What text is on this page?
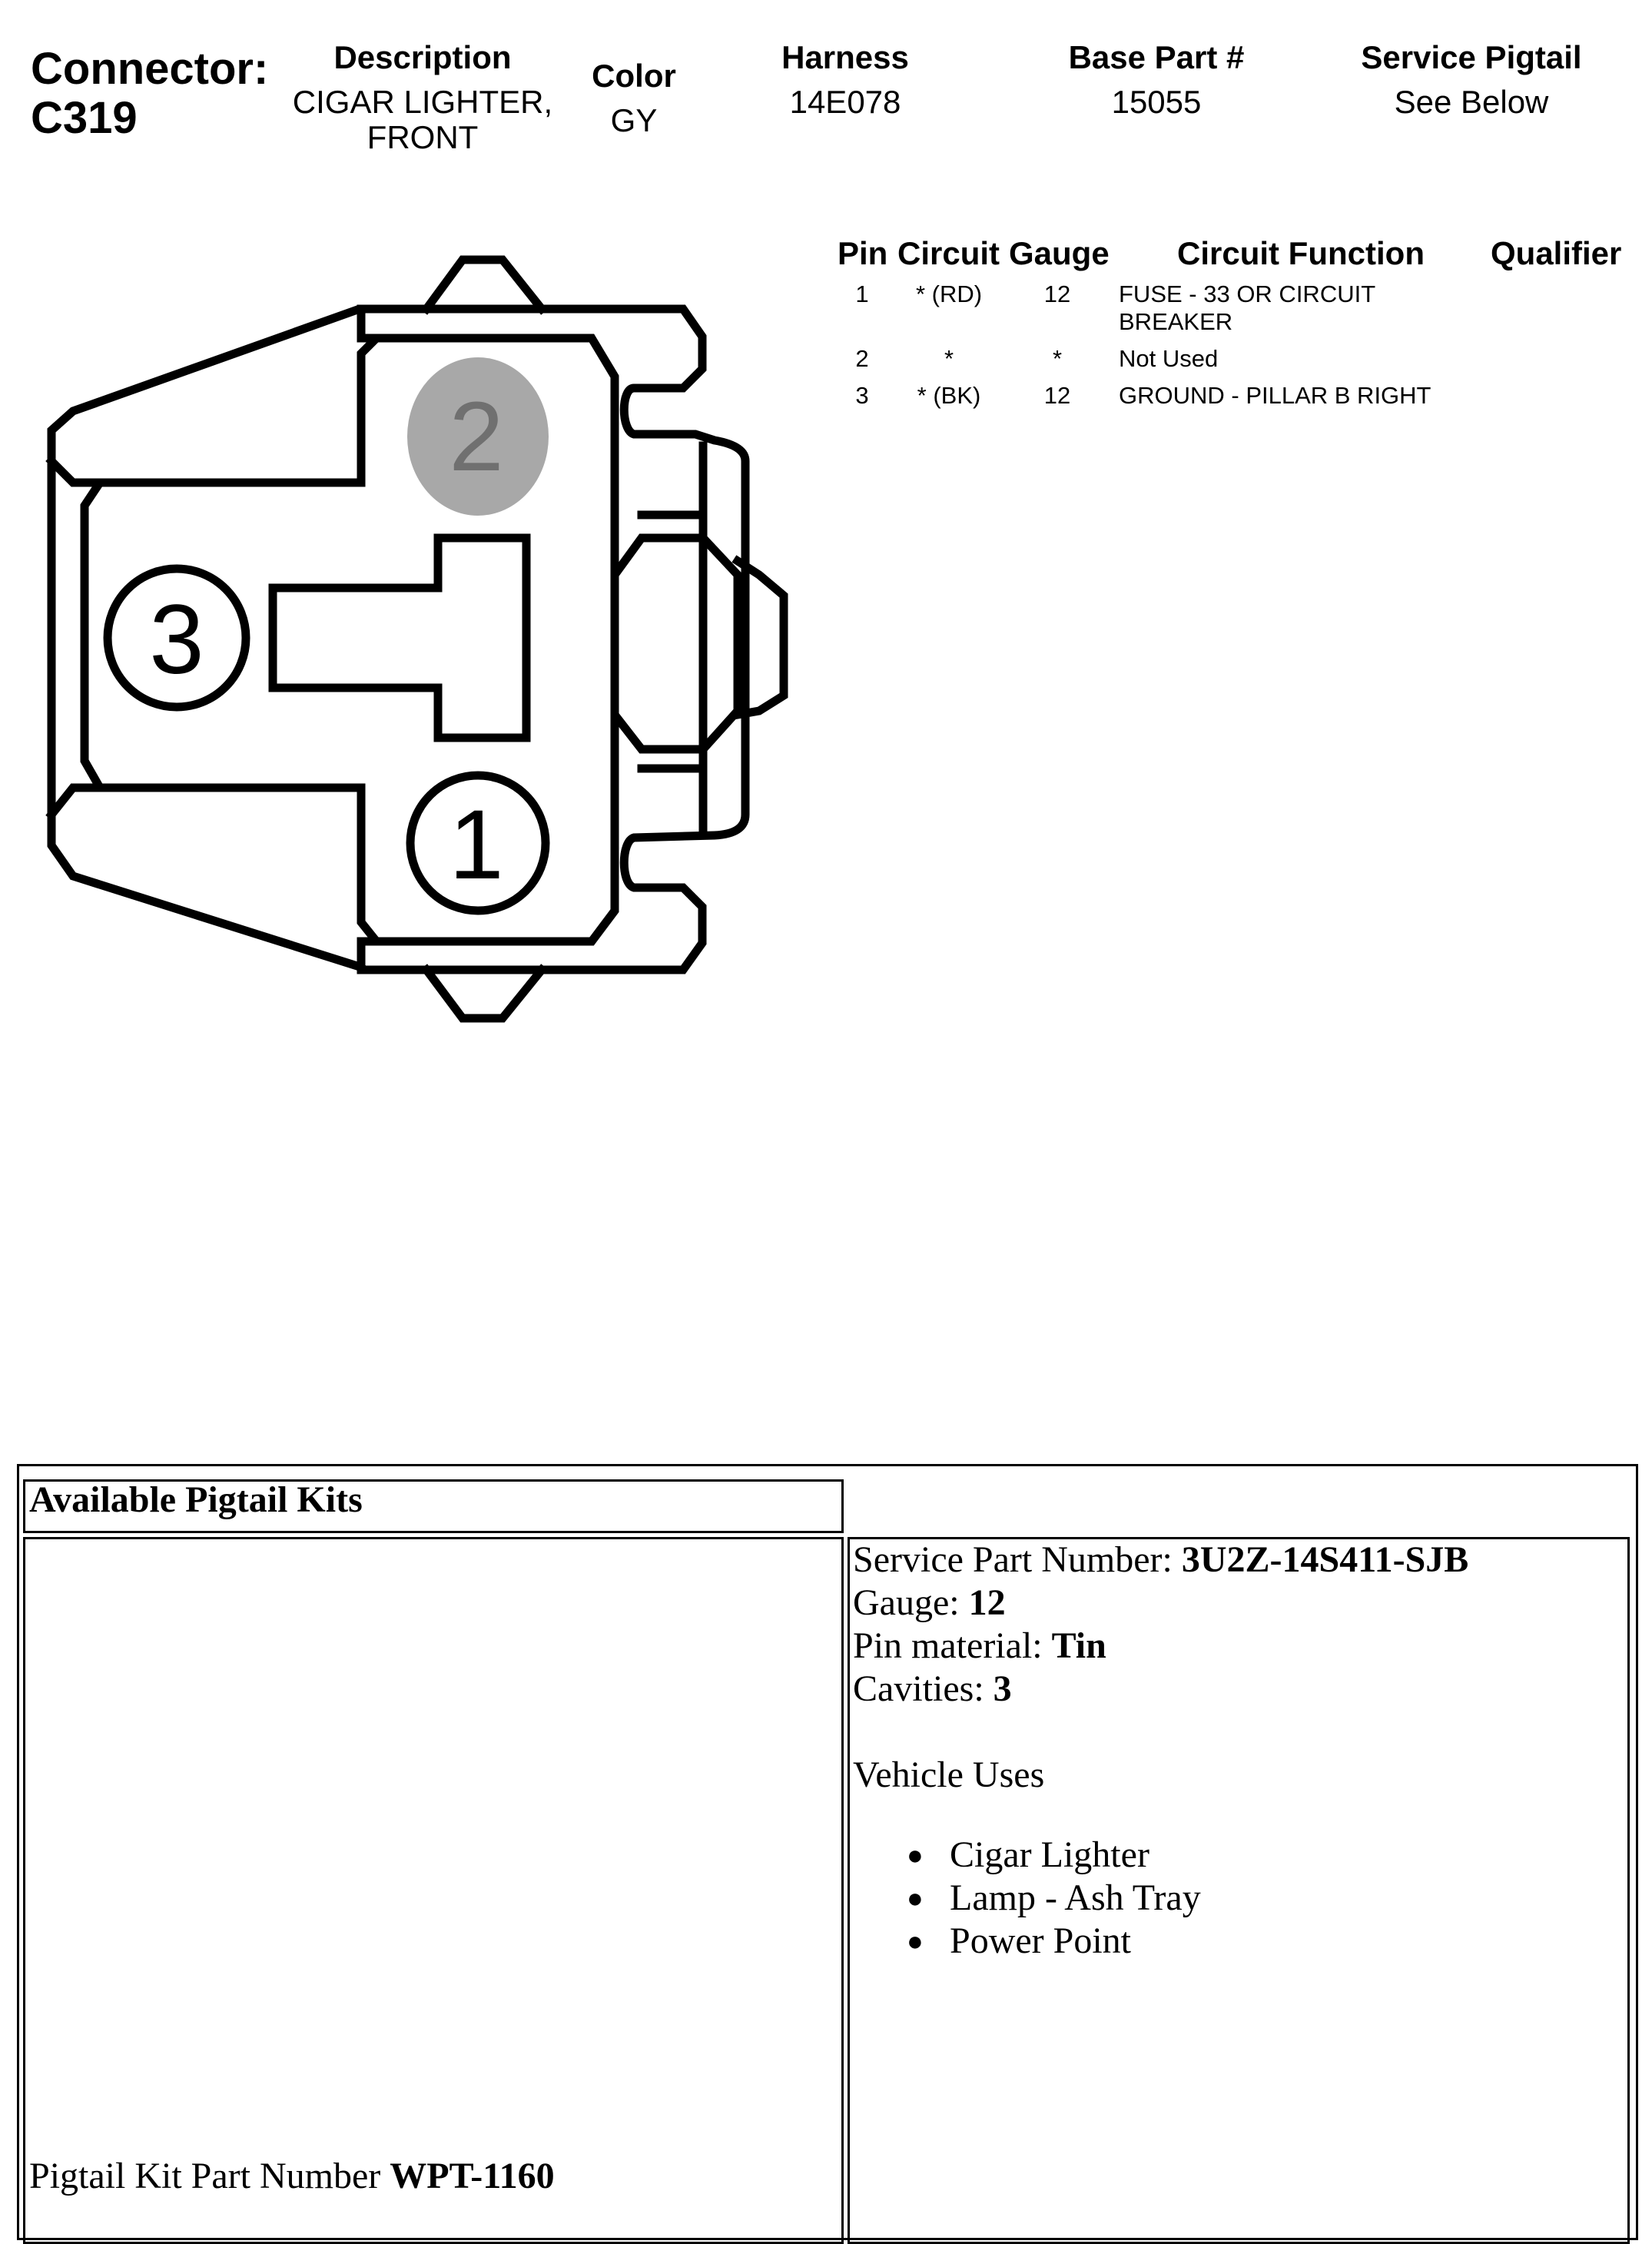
Connector:
C319
Description
CIGAR LIGHTER,
FRONT
Color
GY
Harness
14E078
Base Part #
15055
Service Pigtail
See Below
Pin Circuit Gauge Circuit Function Qualifier
1	* (RD)	12	FUSE - 33 OR CIRCUIT
BREAKER
2	*	*	Not Used
3	* (BK)	12	GROUND - PILLAR B RIGHT
2
3
1
Available Pigtail Kits
Service Part Number: 3U2Z-14S411-SJB
Gauge: 12
Pin material: Tin
Cavities: 3
Vehicle Uses
● Cigar Lighter
● Lamp - Ash Tray
● Power Point
Pigtail Kit Part Number WPT-1160
